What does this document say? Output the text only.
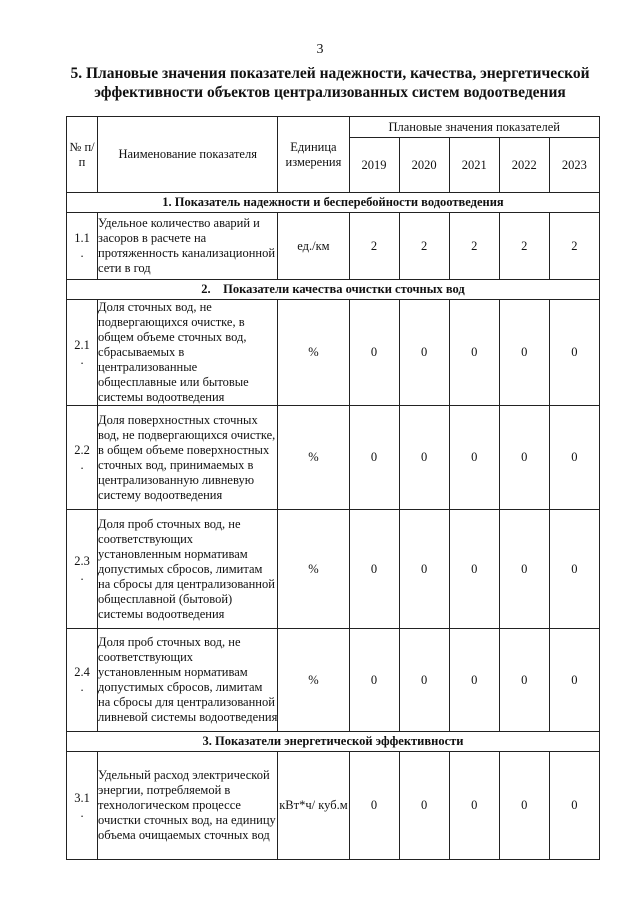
3
5. Плановые значения показателей надежности, качества, энергетической
эффективности объектов централизованных систем водоотведения
№ п/п	Наименование показателя	Единица измерения	Плановые значения показателей				
			2019	2020	2021	2022	2023
1. Показатель надежности и бесперебойности водоотведения							
1.1
.	Удельное количество аварий и засоров в расчете на протяженность канализационной сети в год	ед./км	2	2	2	2	2
2.    Показатели качества очистки сточных вод							
2.1
.	Доля сточных вод, не подвергающихся очистке, в общем объеме сточных вод, сбрасываемых в централизованные общесплавные или бытовые системы водоотведения	%	0	0	0	0	0
2.2
.	Доля поверхностных сточных вод, не подвергающихся очистке, в общем объеме поверхностных сточных вод, принимаемых в централизованную ливневую систему водоотведения	%	0	0	0	0	0
2.3
.	Доля проб сточных вод, не соответствующих установленным нормативам допустимых сбросов, лимитам на сбросы для централизованной общесплавной (бытовой) системы водоотведения	%	0	0	0	0	0
2.4
.	Доля проб сточных вод, не соответствующих установленным нормативам допустимых сбросов, лимитам на сбросы для централизованной ливневой системы водоотведения	%	0	0	0	0	0
3. Показатели энергетической эффективности							
3.1
.	Удельный расход электрической энергии, потребляемой в технологическом процессе очистки сточных вод, на единицу объема очищаемых сточных вод	кВт*ч/ куб.м	0	0	0	0	0
